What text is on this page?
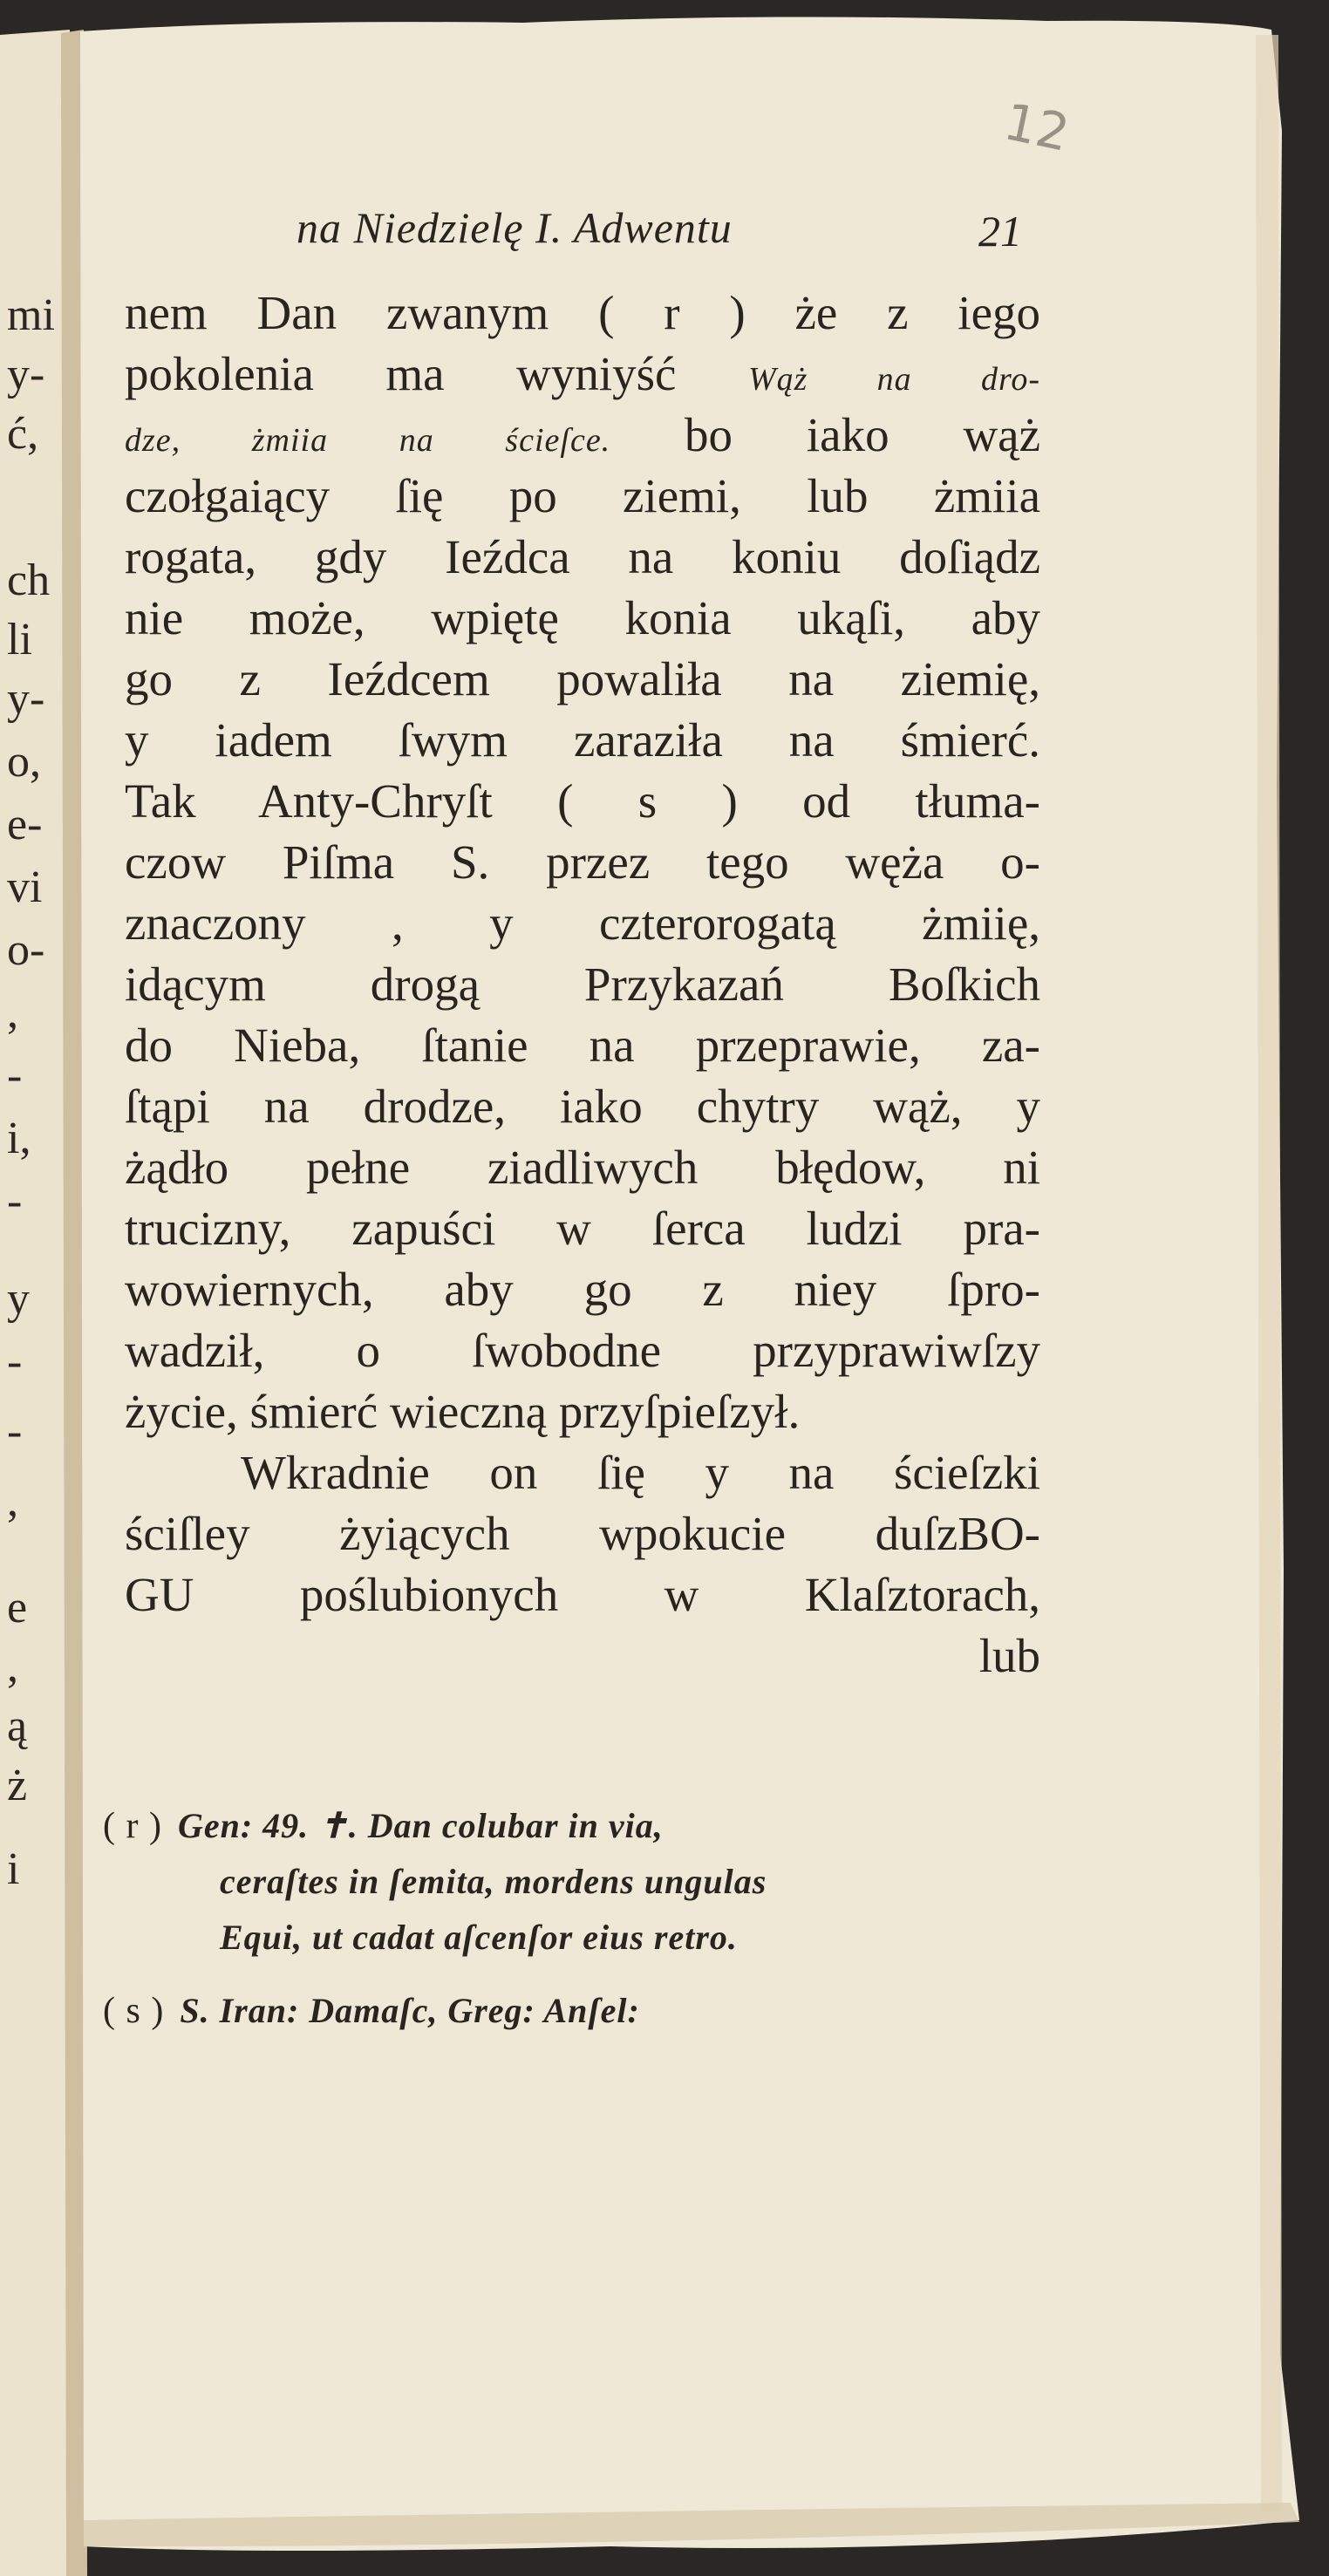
mi
y-
ć,
ch
li
y-
o,
e-
vi
o-
,
-
i,
-
y
-
-
,
e
,
ą
ż
i
12
na Niedzielę I. Adwentu	21
nem Dan zwanym ( r ) że z iego
pokolenia ma wyniyść Wąż na dro-
dze, żmiia na ścieſce. bo iako wąż
czołgaiący ſię po ziemi, lub żmiia
rogata, gdy Ieźdca na koniu doſiądz
nie może, wpiętę konia ukąſi, aby
go z Ieźdcem powaliła na ziemię,
y iadem ſwym zaraziła na śmierć.
Tak Anty-Chryſt ( s ) od tłuma-
czow Piſma S. przez tego węża o-
znaczony , y czterorogatą żmiię,
idącym drogą Przykazań Boſkich
do Nieba, ſtanie na przeprawie, za-
ſtąpi na drodze, iako chytry wąż, y
żądło pełne ziadliwych błędow, ni
trucizny, zapuści w ſerca ludzi pra-
wowiernych, aby go z niey ſpro-
wadził, o ſwobodne przyprawiwſzy
życie, śmierć wieczną przyſpieſzył.
Wkradnie on ſię y na ścieſzki
ściſley żyiących wpokucie duſzBO-
GU poślubionych w Klaſztorach,
lub
( r ) Gen: 49. ✝. Dan colubar in via,
ceraſtes in ſemita, mordens ungulas
Equi, ut cadat aſcenſor eius retro.
( s ) S. Iran: Damaſc, Greg: Anſel:
